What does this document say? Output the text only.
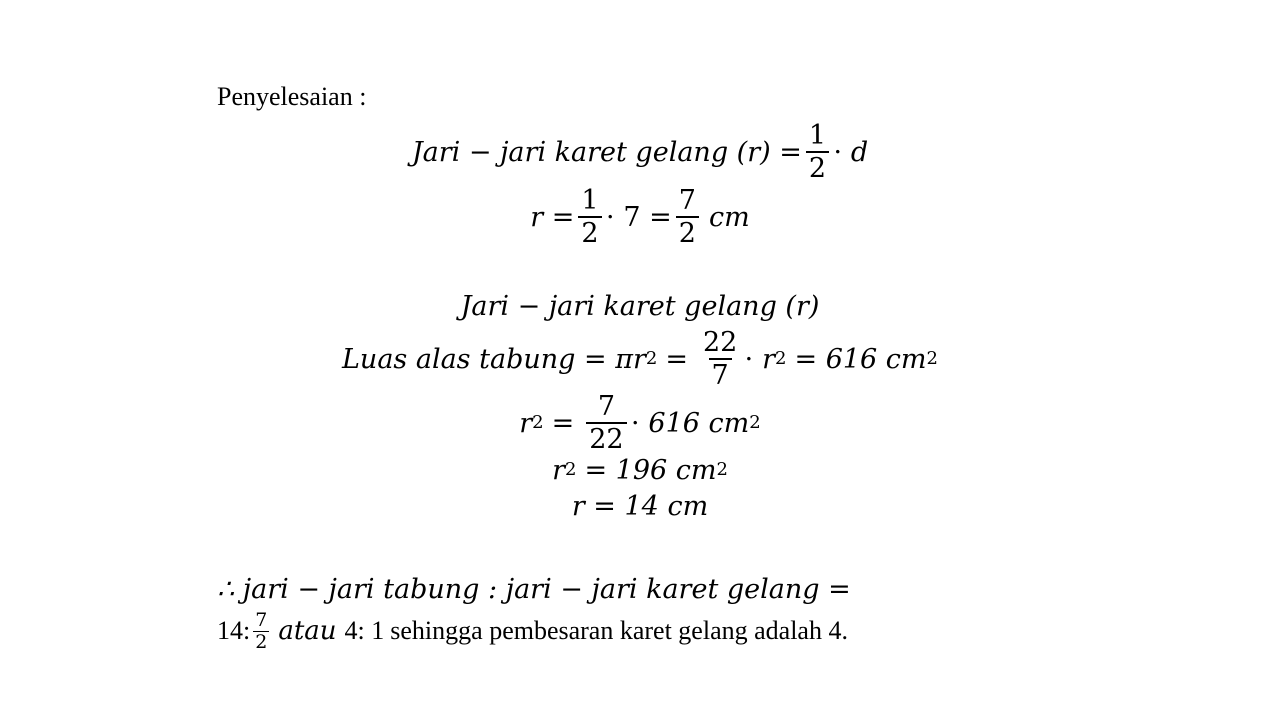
Penyelesaian :
Jari − jari karet gelang $(r) = \frac{1}{2} \cdot d$
$r = \frac{1}{2} \cdot 7 = \frac{7}{2}$ cm
Jari − jari karet gelang (r)
Luas alas tabung = πr $2 = \frac{22}{7} \cdot r$ 2 = 616 cm 2
r $2 = \frac{7}{22} \cdot 616$ cm 2
r 2 = 196 cm 2
r = 14 cm
∴ jari − jari tabung : jari − jari karet gelang =
14: $\frac{7}{2}$ atau 4: 1 sehingga pembesaran karet gelang adalah 4.
